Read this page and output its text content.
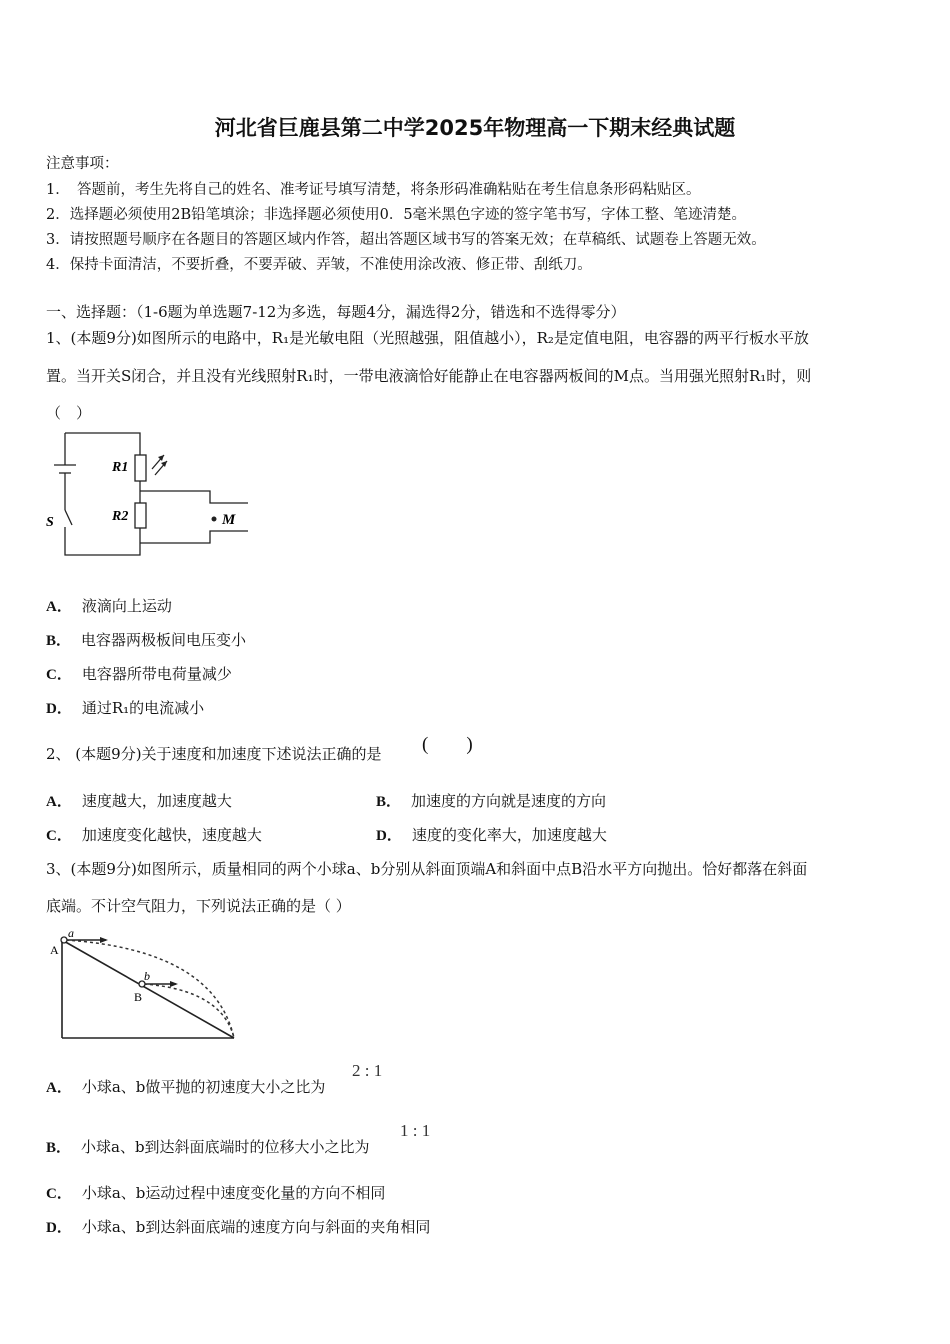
河北省巨鹿县第二中学2025年物理高一下期末经典试题
注意事项：
1．　答题前，考生先将自己的姓名、准考证号填写清楚，将条形码准确粘贴在考生信息条形码粘贴区。
2．选择题必须使用2B铅笔填涂；非选择题必须使用0．5毫米黑色字迹的签字笔书写，字体工整、笔迹清楚。
3．请按照题号顺序在各题目的答题区域内作答，超出答题区域书写的答案无效；在草稿纸、试题卷上答题无效。
4．保持卡面清洁，不要折叠，不要弄破、弄皱，不准使用涂改液、修正带、刮纸刀。
一、选择题：（1-6题为单选题7-12为多选，每题4分，漏选得2分，错选和不选得零分）
1、(本题9分)如图所示的电路中，R₁是光敏电阻（光照越强，阻值越小），R₂是定值电阻，电容器的两平行板水平放
置。当开关S闭合，并且没有光线照射R₁时，一带电液滴恰好能静止在电容器两板间的M点。当用强光照射R₁时，则
（　）
R1
R2
S	M
A． 液滴向上运动
B． 电容器两极板间电压变小
C． 电容器所带电荷量减少
D． 通过R₁的电流减小
2、 (本题9分)关于速度和加速度下述说法正确的是 (　　)
A． 速度越大，加速度越大	B． 加速度的方向就是速度的方向
C． 加速度变化越快，速度越大	D． 速度的变化率大，加速度越大
3、(本题9分)如图所示，质量相同的两个小球a、b分别从斜面顶端A和斜面中点B沿水平方向抛出。恰好都落在斜面
底端。不计空气阻力，下列说法正确的是（ ）
a
b
A
B
A． 小球a、b做平抛的初速度大小之比为
2 : 1
B． 小球a、b到达斜面底端时的位移大小之比为
1 : 1
C． 小球a、b运动过程中速度变化量的方向不相同
D． 小球a、b到达斜面底端的速度方向与斜面的夹角相同
